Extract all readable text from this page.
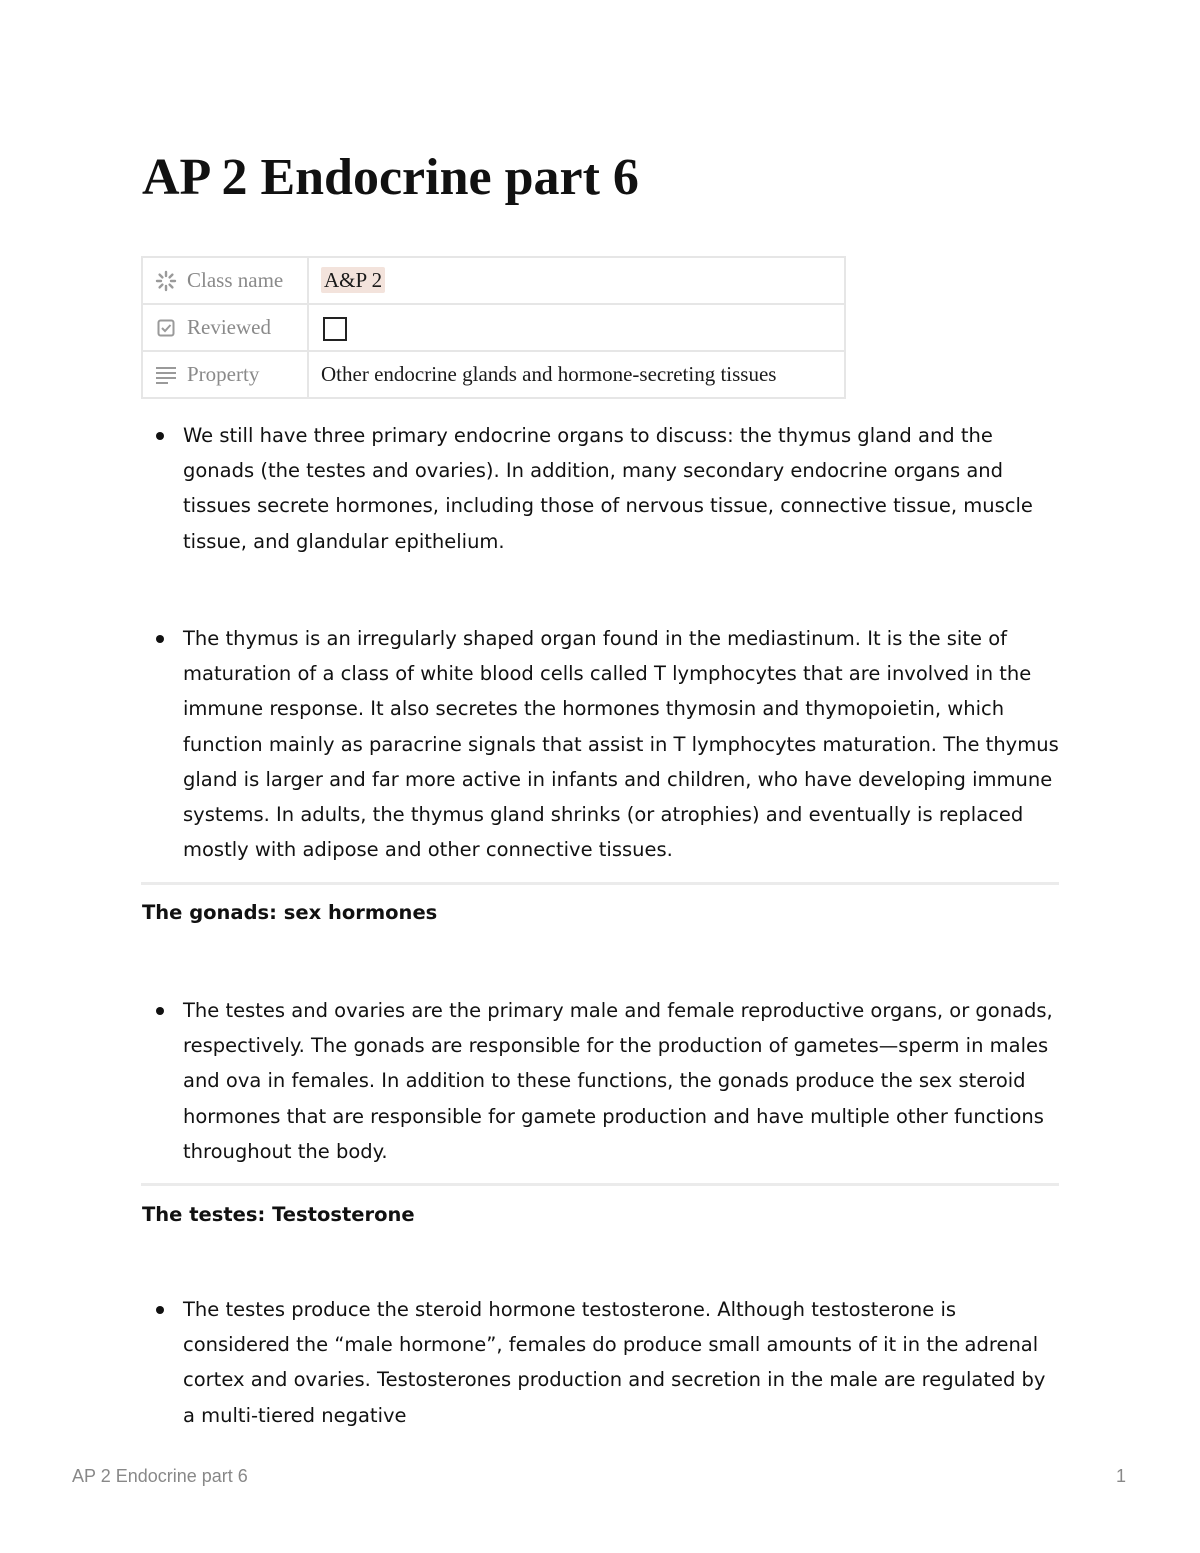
AP 2 Endocrine part 6
Class name	A&P 2

Reviewed	

Property	Other endocrine glands and hormone-secreting tissues

We still have three primary endocrine organs to discuss: the thymus gland and the gonads (the testes and ovaries). In addition, many secondary endocrine organs and tissues secrete hormones, including those of nervous tissue, connective tissue, muscle tissue, and glandular epithelium.

The thymus is an irregularly shaped organ found in the mediastinum. It is the site of maturation of a class of white blood cells called T lymphocytes that are involved in the immune response. It also secretes the hormones thymosin and thymopoietin, which function mainly as paracrine signals that assist in T lymphocytes maturation. The thymus gland is larger and far more active in infants and children, who have developing immune systems. In adults, the thymus gland shrinks (or atrophies) and eventually is replaced mostly with adipose and other connective tissues.

The gonads: sex hormones

The testes and ovaries are the primary male and female reproductive organs, or gonads, respectively. The gonads are responsible for the production of gametes—sperm in males and ova in females. In addition to these functions, the gonads produce the sex steroid hormones that are responsible for gamete production and have multiple other functions throughout the body.

The testes: Testosterone

The testes produce the steroid hormone testosterone. Although testosterone is considered the “male hormone”, females do produce small amounts of it in the adrenal cortex and ovaries. Testosterones production and secretion in the male are regulated by a multi-tiered negative

AP 2 Endocrine part 6	1
